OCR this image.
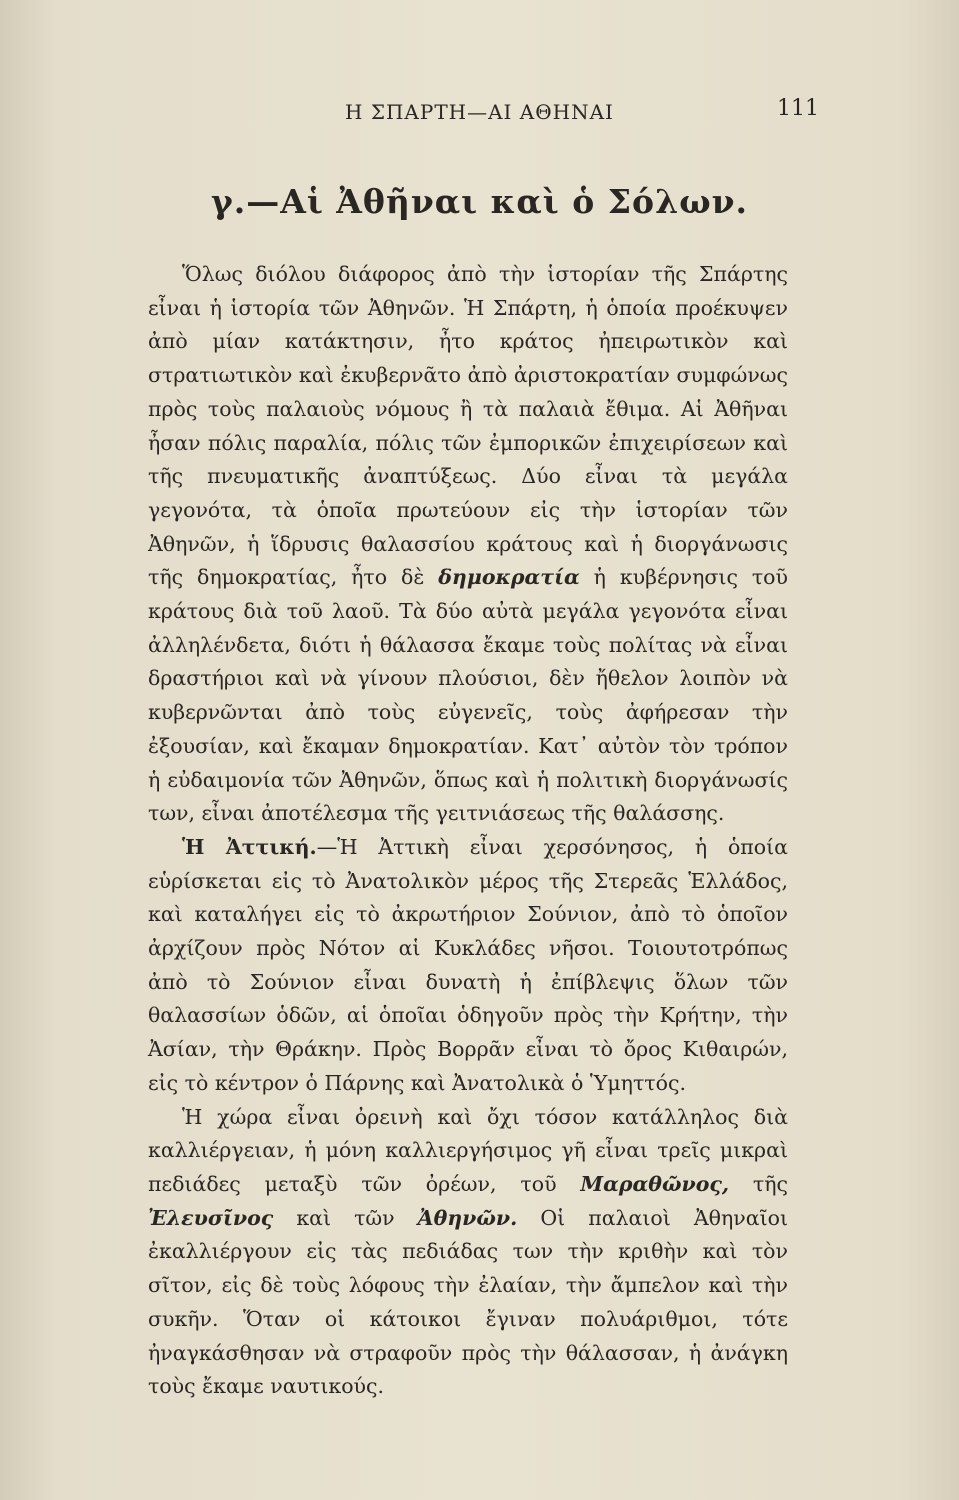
Η ΣΠΑΡΤΗ—ΑΙ ΑΘΗΝΑΙ	111
γ.—Αἱ Ἀθῆναι καὶ ὁ Σόλων.

Ὅλως διόλου διάφορος ἀπὸ τὴν ἱστορίαν τῆς Σπάρτης εἶναι ἡ ἱστορία τῶν Ἀθηνῶν. Ἡ Σπάρτη, ἡ ὁποία προέκυψεν ἀπὸ μίαν κατάκτησιν, ἦτο κράτος ἠπειρωτικὸν καὶ στρατιωτικὸν καὶ ἐκυβερνᾶτο ἀπὸ ἀριστοκρατίαν συμφώνως πρὸς τοὺς παλαιοὺς νόμους ἢ τὰ παλαιὰ ἔθιμα. Αἱ Ἀθῆναι ἦσαν πόλις παραλία, πόλις τῶν ἐμπορικῶν ἐπιχειρίσεων καὶ τῆς πνευματικῆς ἀναπτύξεως. Δύο εἶναι τὰ μεγάλα γεγονότα, τὰ ὁποῖα πρωτεύουν εἰς τὴν ἱστορίαν τῶν Ἀθηνῶν, ἡ ἵδρυσις θαλασσίου κράτους καὶ ἡ διοργάνωσις τῆς δημοκρατίας, ἦτο δὲ δημοκρατία ἡ κυβέρνησις τοῦ κράτους διὰ τοῦ λαοῦ. Τὰ δύο αὐτὰ μεγάλα γεγονότα εἶναι ἀλληλένδετα, διότι ἡ θάλασσα ἔκαμε τοὺς πολίτας νὰ εἶναι δραστήριοι καὶ νὰ γίνουν πλούσιοι, δὲν ἤθελον λοιπὸν νὰ κυβερνῶνται ἀπὸ τοὺς εὐγενεῖς, τοὺς ἀφήρεσαν τὴν ἐξουσίαν, καὶ ἔκαμαν δημοκρατίαν. Κατ᾿ αὐτὸν τὸν τρόπον ἡ εὐδαιμονία τῶν Ἀθηνῶν, ὅπως καὶ ἡ πολιτικὴ διοργάνωσίς των, εἶναι ἀποτέλεσμα τῆς γειτνιάσεως τῆς θαλάσσης.

Ἡ Ἀττική.—Ἡ Ἀττικὴ εἶναι χερσόνησος, ἡ ὁποία εὑρίσκεται εἰς τὸ Ἀνατολικὸν μέρος τῆς Στερεᾶς Ἑλλάδος, καὶ καταλήγει εἰς τὸ ἀκρωτήριον Σούνιον, ἀπὸ τὸ ὁποῖον ἀρχίζουν πρὸς Νότον αἱ Κυκλάδες νῆσοι. Τοιουτοτρόπως ἀπὸ τὸ Σούνιον εἶναι δυνατὴ ἡ ἐπίβλεψις ὅλων τῶν θαλασσίων ὁδῶν, αἱ ὁποῖαι ὁδηγοῦν πρὸς τὴν Κρήτην, τὴν Ἀσίαν, τὴν Θράκην. Πρὸς Βορρᾶν εἶναι τὸ ὄρος Κιθαιρών, εἰς τὸ κέντρον ὁ Πάρνης καὶ Ἀνατολικὰ ὁ Ὑμηττός.

Ἡ χώρα εἶναι ὀρεινὴ καὶ ὄχι τόσον κατάλληλος διὰ καλλιέργειαν, ἡ μόνη καλλιεργήσιμος γῆ εἶναι τρεῖς μικραὶ πεδιάδες μεταξὺ τῶν ὀρέων, τοῦ Μαραθῶνος, τῆς Ἐλευσῖνος καὶ τῶν Ἀθηνῶν. Οἱ παλαιοὶ Ἀθηναῖοι ἐκαλλιέργουν εἰς τὰς πεδιάδας των τὴν κριθὴν καὶ τὸν σῖτον, εἰς δὲ τοὺς λόφους τὴν ἐλαίαν, τὴν ἄμπελον καὶ τὴν συκῆν. Ὅταν οἱ κάτοικοι ἔγιναν πολυάριθμοι, τότε ἠναγκάσθησαν νὰ στραφοῦν πρὸς τὴν θάλασσαν, ἡ ἀνάγκη τοὺς ἔκαμε ναυτικούς.
